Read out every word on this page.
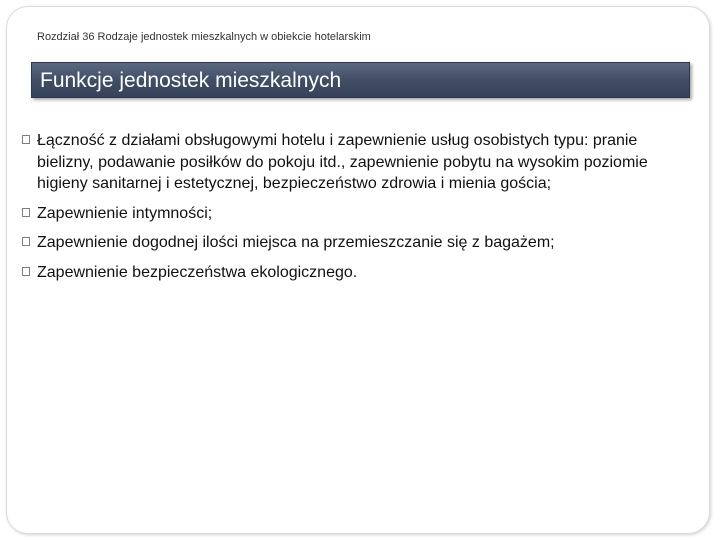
Rozdział 36 Rodzaje jednostek mieszkalnych w obiekcie hotelarskim
Funkcje jednostek mieszkalnych
Łączność z działami obsługowymi hotelu i zapewnienie usług osobistych typu: pranie bielizny, podawanie posiłków do pokoju itd., zapewnienie pobytu na wysokim poziomie higieny sanitarnej i estetycznej, bezpieczeństwo zdrowia i mienia gościa;
Zapewnienie intymności;
Zapewnienie dogodnej ilości miejsca na przemieszczanie się z bagażem;
Zapewnienie bezpieczeństwa ekologicznego.
